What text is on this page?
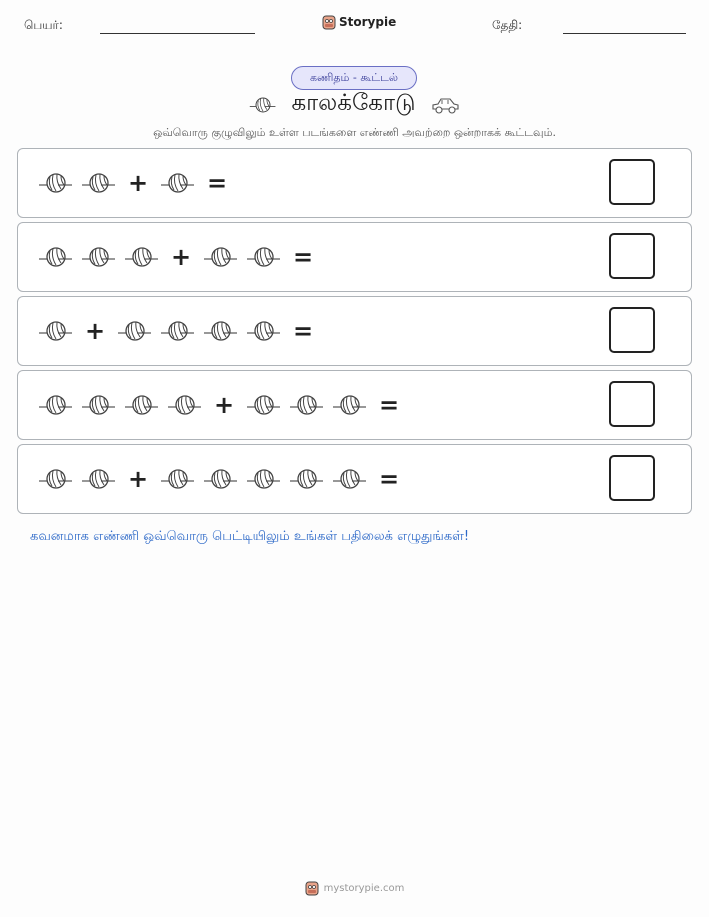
பெயர்:	Storypie	தேதி:
கணிதம் - கூட்டல்
காலக்கோடு
ஒவ்வொரு குழுவிலும் உள்ள படங்களை எண்ணி அவற்றை ஒன்றாகக் கூட்டவும்.
+ =
+	=
+	=
+	=
+	=
கவனமாக எண்ணி ஒவ்வொரு பெட்டியிலும் உங்கள் பதிலைக் எழுதுங்கள்!
mystorypie.com
